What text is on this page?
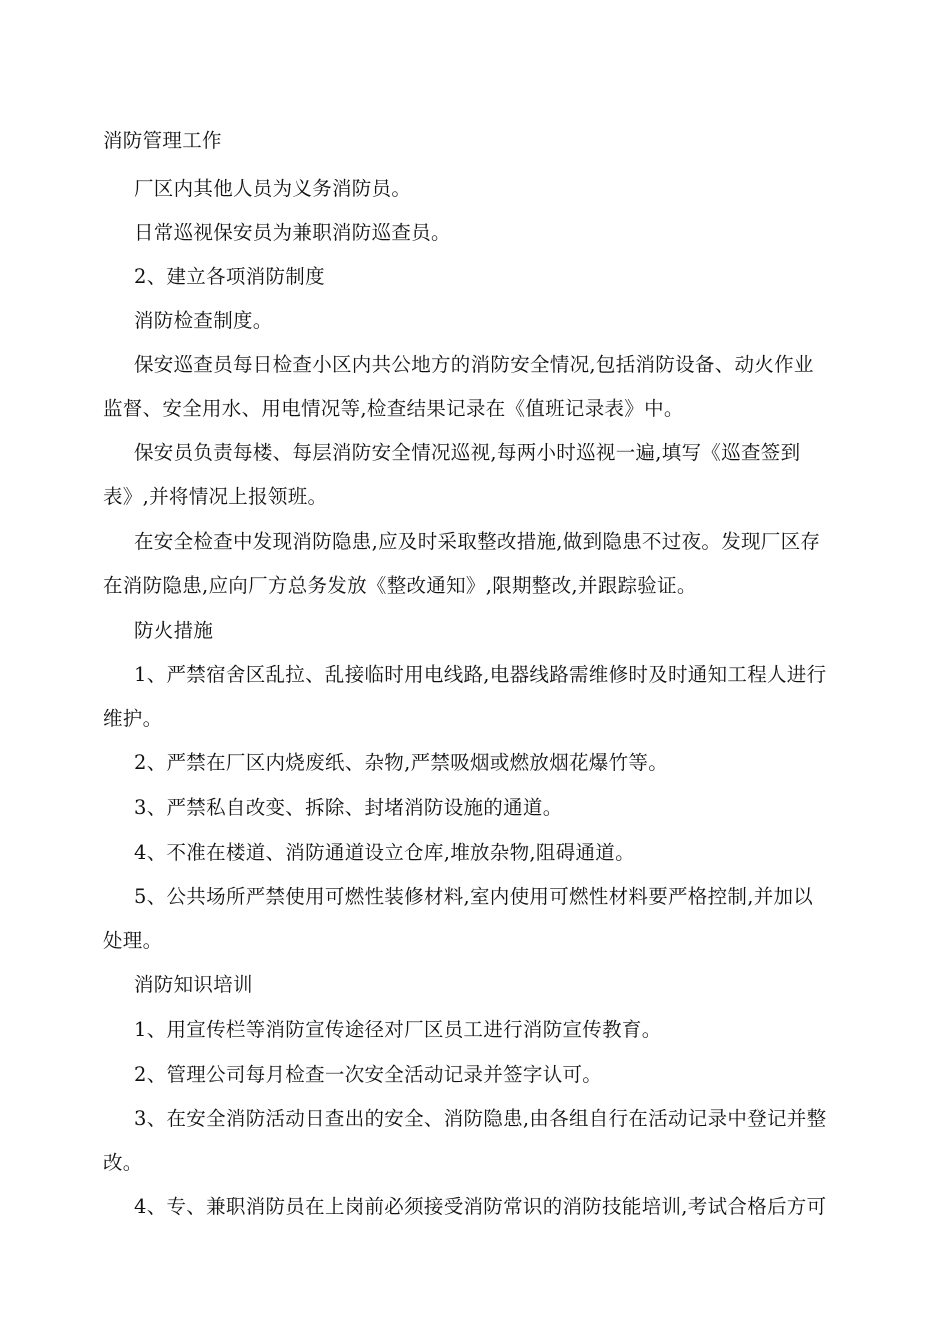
消防管理工作
厂区内其他人员为义务消防员。
日常巡视保安员为兼职消防巡查员。
2、建立各项消防制度
消防检查制度。
保安巡查员每日检查小区内共公地方的消防安全情况,包括消防设备、动火作业
监督、安全用水、用电情况等,检查结果记录在《值班记录表》中。
保安员负责每楼、每层消防安全情况巡视,每两小时巡视一遍,填写《巡查签到
表》,并将情况上报领班。
在安全检查中发现消防隐患,应及时采取整改措施,做到隐患不过夜。发现厂区存
在消防隐患,应向厂方总务发放《整改通知》,限期整改,并跟踪验证。
防火措施
1、严禁宿舍区乱拉、乱接临时用电线路,电器线路需维修时及时通知工程人进行
维护。
2、严禁在厂区内烧废纸、杂物,严禁吸烟或燃放烟花爆竹等。
3、严禁私自改变、拆除、封堵消防设施的通道。
4、不准在楼道、消防通道设立仓库,堆放杂物,阻碍通道。
5、公共场所严禁使用可燃性装修材料,室内使用可燃性材料要严格控制,并加以
处理。
消防知识培训
1、用宣传栏等消防宣传途径对厂区员工进行消防宣传教育。
2、管理公司每月检查一次安全活动记录并签字认可。
3、在安全消防活动日查出的安全、消防隐患,由各组自行在活动记录中登记并整
改。
4、专、兼职消防员在上岗前必须接受消防常识的消防技能培训,考试合格后方可
